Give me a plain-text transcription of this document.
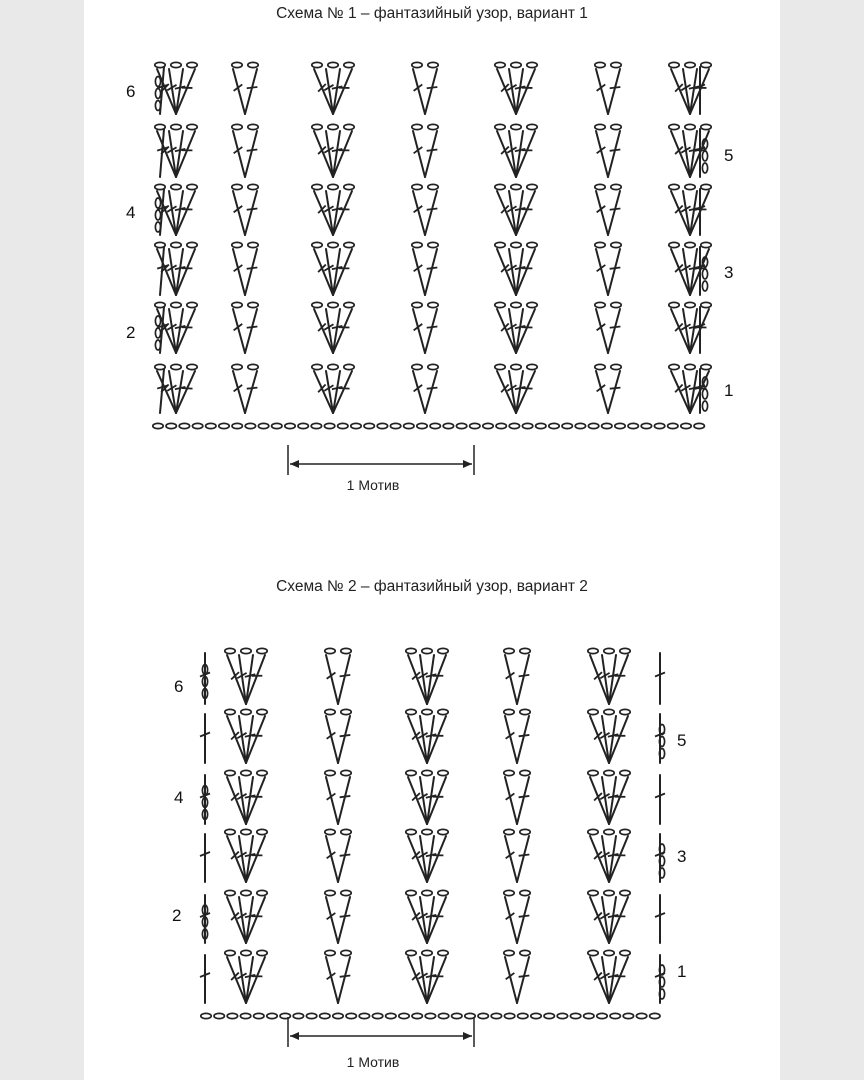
Схема № 1 – фантазийный узор, вариант 1
Схема № 2 – фантазийный узор, вариант 2
1
2
3
4
5
6
1 Мотив
1
2
3
4
5
6
1 Мотив
